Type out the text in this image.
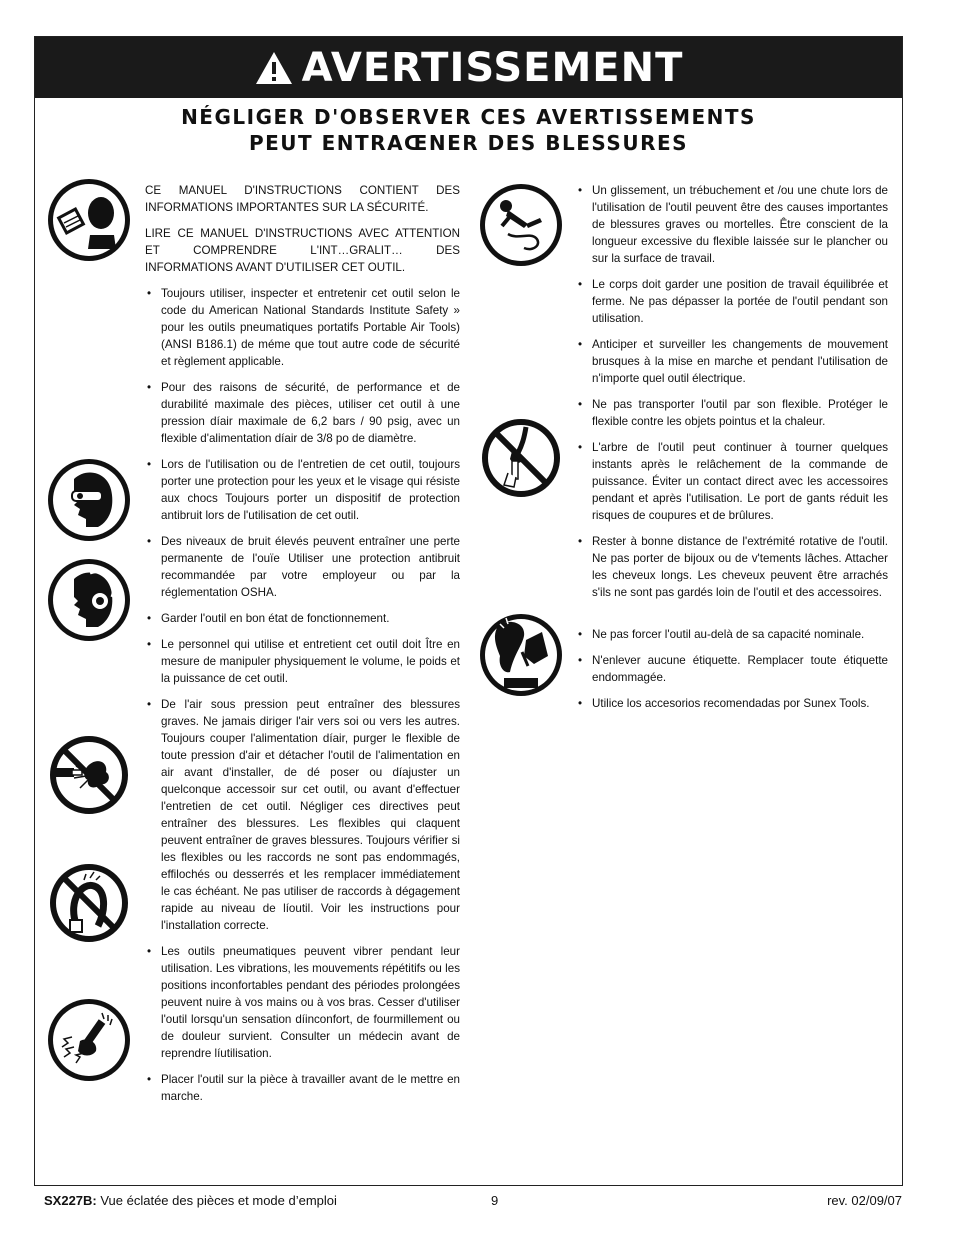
AVERTISSEMENT
NÉGLIGER D'OBSERVER CES AVERTISSEMENTS
PEUT ENTRAŒNER DES BLESSURES

CE MANUEL D'INSTRUCTIONS CONTIENT DES INFORMATIONS IMPORTANTES SUR LA SÉCURITÉ.

LIRE CE MANUEL D'INSTRUCTIONS AVEC ATTENTION ET COMPRENDRE L'INT…GRALIT… DES INFORMATIONS AVANT D'UTILISER CET OUTIL.

• Toujours utiliser, inspecter et entretenir cet outil selon le code du American National Standards Institute Safety » pour les outils pneumatiques portatifs Portable Air Tools) (ANSI B186.1) de méme que tout autre code de sécurité et règlement applicable.
• Pour des raisons de sécurité, de performance et de durabilité maximale des pièces, utiliser cet outil à une pression díair maximale de 6,2 bars / 90 psig, avec un flexible d'alimentation díair de 3/8 po de diamètre.
• Lors de l'utilisation ou de l'entretien de cet outil, toujours porter une protection pour les yeux et le visage qui résiste aux chocs Toujours porter un dispositif de protection antibruit lors de l'utilisation de cet outil.
• Des niveaux de bruit élevés peuvent entraîner une perte permanente de l'ouïe Utiliser une protection antibruit recommandée par votre employeur ou par la réglementation OSHA.
• Garder l'outil en bon état de fonctionnement.
• Le personnel qui utilise et entretient cet outil doit Ître en mesure de manipuler physiquement le volume, le poids et la puissance de cet outil.
• De l'air sous pression peut entraîner des blessures graves. Ne jamais diriger l'air vers soi ou vers les autres. Toujours couper l'alimentation díair, purger le flexible de toute pression d'air et détacher l'outil de l'alimentation en air avant d'installer, de dé poser ou díajuster un quelconque accessoir sur cet outil, ou avant d'effectuer l'entretien de cet outil. Négliger ces directives peut entraîner des blessures. Les flexibles qui claquent peuvent entraîner de graves blessures. Toujours vérifier si les flexibles ou les raccords ne sont pas endommagés, effilochés ou desserrés et les remplacer immédiatement le cas échéant. Ne pas utiliser de raccords à dégagement rapide au niveau de líoutil. Voir les instructions pour l'installation correcte.
• Les outils pneumatiques peuvent vibrer pendant leur utilisation. Les vibrations, les mouvements répétitifs ou les positions inconfortables pendant des périodes prolongées peuvent nuire à vos mains ou à vos bras. Cesser d'utiliser l'outil lorsqu'un sensation díinconfort, de fourmillement ou de douleur survient. Consulter un médecin avant de reprendre líutilisation.
• Placer l'outil sur la pièce à travailler avant de le mettre en marche.
• Un glissement, un trébuchement et /ou une chute lors de l'utilisation de l'outil peuvent être des causes importantes de blessures graves ou mortelles. Être conscient de la longueur excessive du flexible laissée sur le plancher ou sur la surface de travail.
• Le corps doit garder une position de travail équilibrée et ferme. Ne pas dépasser la portée de l'outil pendant son utilisation.
• Anticiper et surveiller les changements de mouvement brusques à la mise en marche et pendant l'utilisation de n'importe quel outil électrique.
• Ne pas transporter l'outil par son flexible. Protéger le flexible contre les objets pointus et la chaleur.
• L'arbre de l'outil peut continuer à tourner quelques instants après le relâchement de la commande de puissance. Éviter un contact direct avec les accessoires pendant et après l'utilisation. Le port de gants réduit les risques de coupures et de brûlures.
• Rester à bonne distance de l'extrémité rotative de l'outil. Ne pas porter de bijoux ou de v'tements lâches. Attacher les cheveux longs. Les cheveux peuvent être arrachés s'ils ne sont pas gardés loin de l'outil et des accessoires.
• Ne pas forcer l'outil au-delà de sa capacité nominale.
• N'enlever aucune étiquette. Remplacer toute étiquette endommagée.
• Utilice los accesorios recomendadas por Sunex Tools.
SX227B: Vue éclatée des pièces et mode d’emploi	9	rev. 02/09/07
